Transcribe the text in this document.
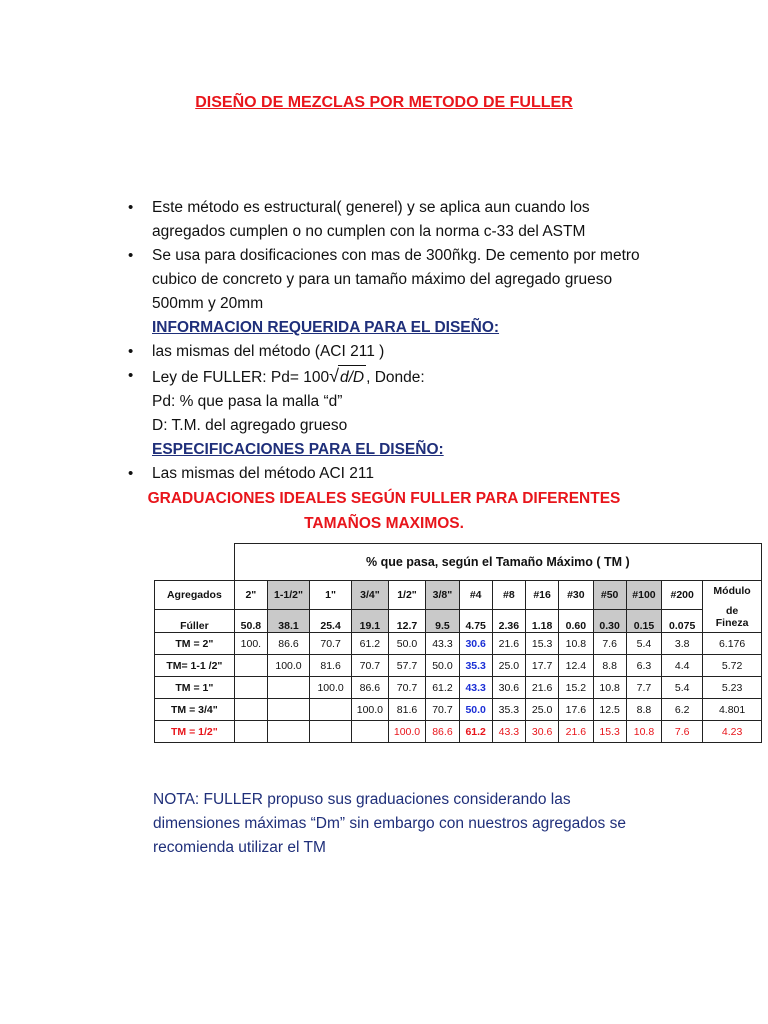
DISEÑO DE MEZCLAS POR METODO DE FULLER
• Este método es estructural( generel) y se aplica aun cuando los
agregados cumplen o no cumplen con la norma c-33 del ASTM
• Se usa para dosificaciones con mas de 300ñkg. De cemento por metro
cubico de concreto y para un tamaño máximo del agregado grueso
500mm y 20mm
INFORMACION REQUERIDA PARA EL DISEÑO:
• las mismas del método (ACI 211 )
• Ley de FULLER: Pd= 100√d/D , Donde:
Pd: % que pasa la malla “d”
D: T.M. del agregado grueso
ESPECIFICACIONES PARA EL DISEÑO:
• Las mismas del método ACI 211
GRADUACIONES IDEALES SEGÚN FULLER PARA DIFERENTES
TAMAÑOS MAXIMOS.
	% que pasa, según el Tamaño Máximo ( TM )													
Agregados	2"	1-1/2"	1"	3/4"	1/2"	3/8"	#4	#8	#16	#30	#50	#100	#200	Módulo
de
Fineza

Fúller	50.8	38.1	25.4	19.1	12.7	9.5	4.75	2.36	1.18	0.60	0.30	0.15	0.075	
TM = 2"	100.	86.6	70.7	61.2	50.0	43.3	30.6	21.6	15.3	10.8	7.6	5.4	3.8	6.176
TM= 1-1 /2"		100.0	81.6	70.7	57.7	50.0	35.3	25.0	17.7	12.4	8.8	6.3	4.4	5.72
TM = 1"			100.0	86.6	70.7	61.2	43.3	30.6	21.6	15.2	10.8	7.7	5.4	5.23
TM = 3/4"				100.0	81.6	70.7	50.0	35.3	25.0	17.6	12.5	8.8	6.2	4.801
TM = 1/2"					100.0	86.6	61.2	43.3	30.6	21.6	15.3	10.8	7.6	4.23
NOTA: FULLER propuso sus graduaciones considerando las
dimensiones máximas “Dm” sin embargo con nuestros agregados se
recomienda utilizar el TM
